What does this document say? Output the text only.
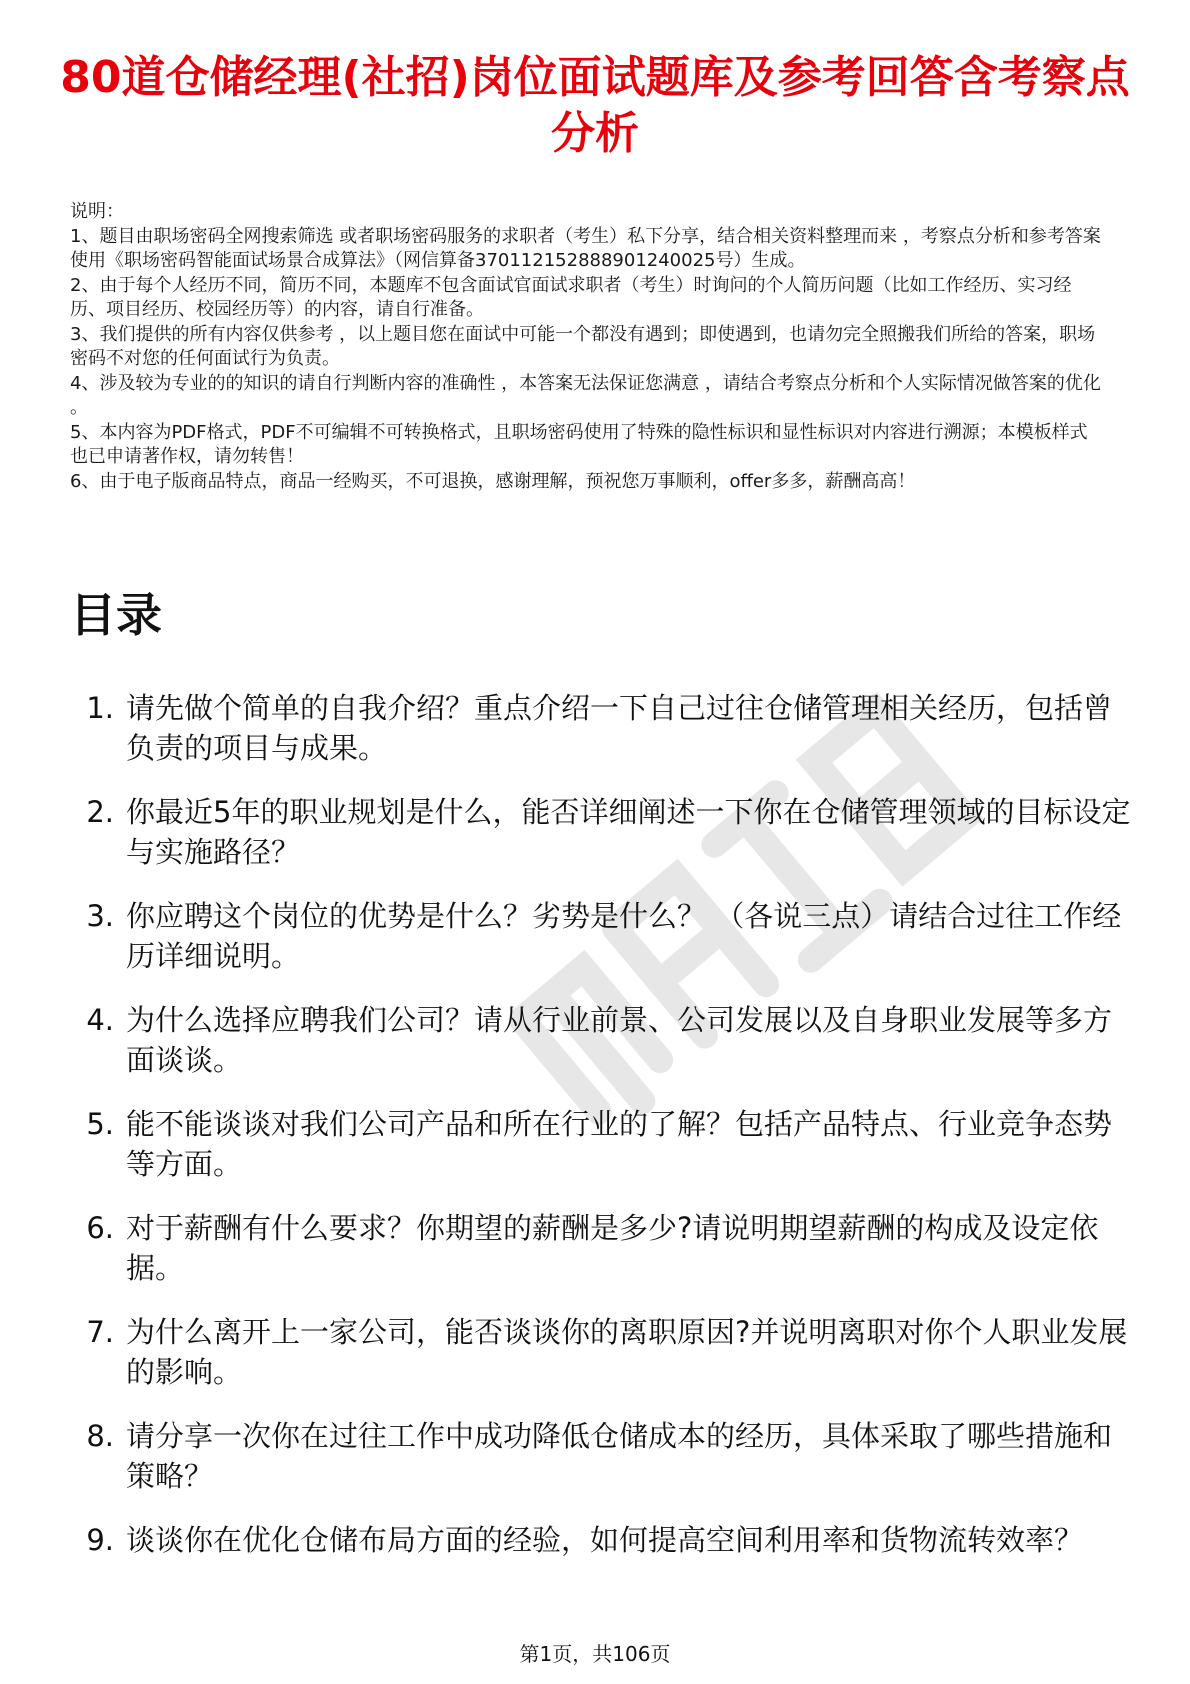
职场密码
80道仓储经理(社招)岗位面试题库及参考回答含考察点分析

说明：

1、题目由职场密码全网搜索筛选 或者职场密码服务的求职者（考生）私下分享，结合相关资料整理而来 ，考察点分析和参考答案使用《职场密码智能面试场景合成算法》（网信算备370112152888901240025号）生成。

2、由于每个人经历不同，简历不同，本题库不包含面试官面试求职者（考生）时询问的个人简历问题（比如工作经历、实习经历、项目经历、校园经历等）的内容，请自行准备。

3、我们提供的所有内容仅供参考 ，以上题目您在面试中可能一个都没有遇到；即使遇到，也请勿完全照搬我们所给的答案，职场密码不对您的任何面试行为负责。

4、涉及较为专业的的知识的请自行判断内容的准确性 ，本答案无法保证您满意 ，请结合考察点分析和个人实际情况做答案的优化 。

5、本内容为PDF格式，PDF不可编辑不可转换格式，且职场密码使用了特殊的隐性标识和显性标识对内容进行溯源；本模板样式也已申请著作权，请勿转售！

6、由于电子版商品特点，商品一经购买，不可退换，感谢理解，预祝您万事顺利，offer多多，薪酬高高！

目录
1. 请先做个简单的自我介绍？重点介绍一下自己过往仓储管理相关经历，包括曾负责的项目与成果。
2. 你最近5年的职业规划是什么，能否详细阐述一下你在仓储管理领域的目标设定与实施路径？
3. 你应聘这个岗位的优势是什么？劣势是什么？ （各说三点）请结合过往工作经历详细说明。
4. 为什么选择应聘我们公司？请从行业前景、公司发展以及自身职业发展等多方面谈谈。
5. 能不能谈谈对我们公司产品和所在行业的了解？包括产品特点、行业竞争态势等方面。
6. 对于薪酬有什么要求？你期望的薪酬是多少?请说明期望薪酬的构成及设定依据。
7. 为什么离开上一家公司，能否谈谈你的离职原因?并说明离职对你个人职业发展的影响。
8. 请分享一次你在过往工作中成功降低仓储成本的经历，具体采取了哪些措施和策略？
9. 谈谈你在优化仓储布局方面的经验，如何提高空间利用率和货物流转效率？
第1页，共106页
